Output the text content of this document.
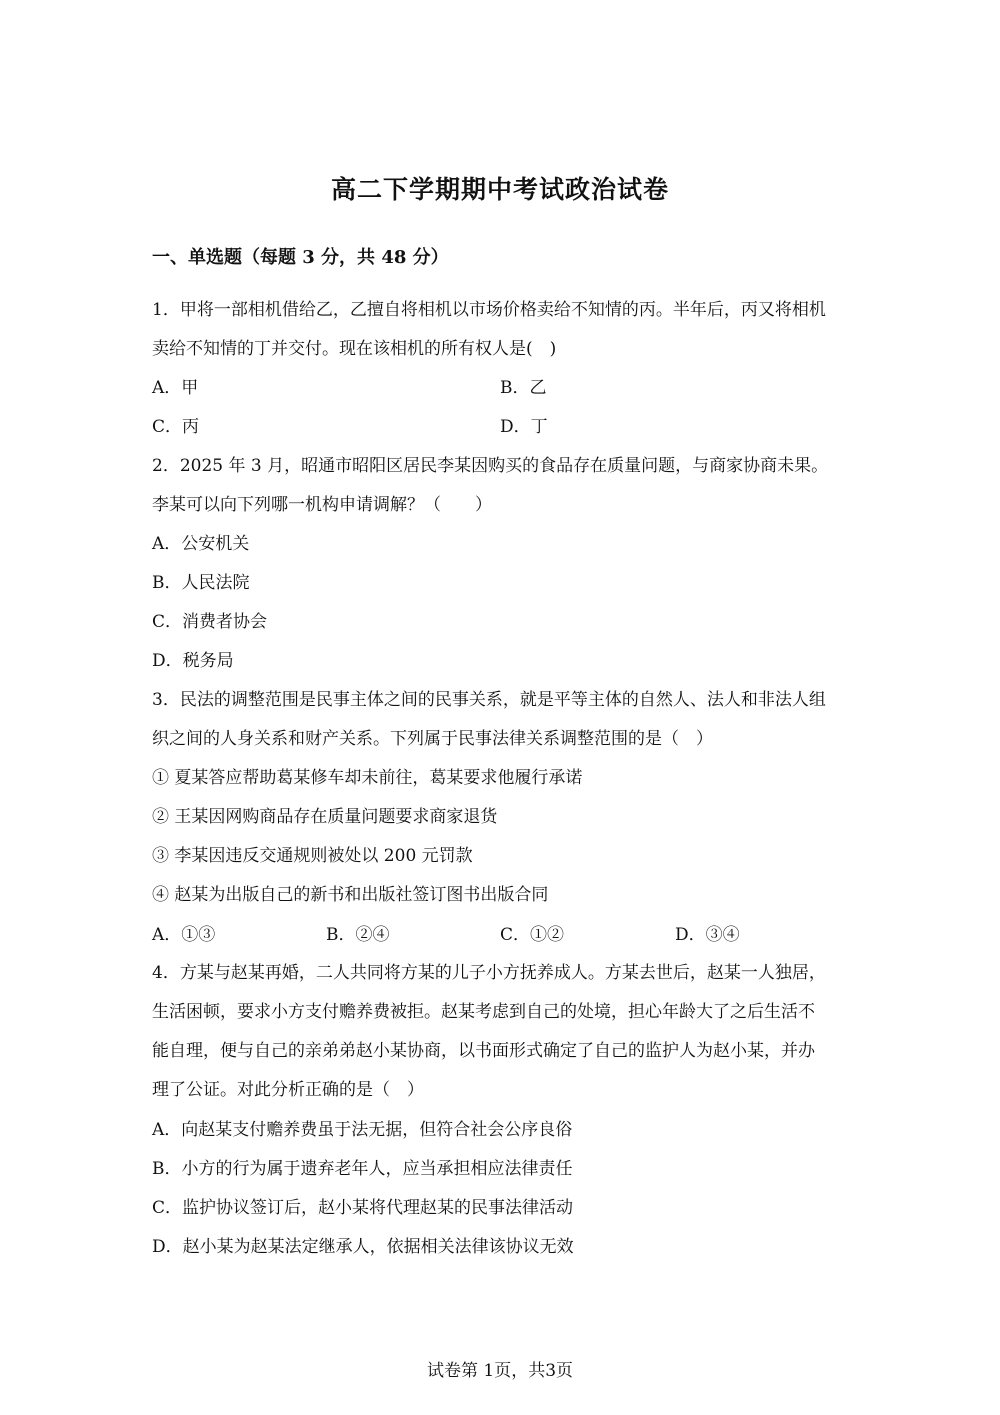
高二下学期期中考试政治试卷
一、单选题（每题 3 分，共 48 分）
1．甲将一部相机借给乙，乙擅自将相机以市场价格卖给不知情的丙。半年后，丙又将相机
卖给不知情的丁并交付。现在该相机的所有权人是(　)
A．甲	B．乙
C．丙	D．丁
2．2025 年 3 月，昭通市昭阳区居民李某因购买的食品存在质量问题，与商家协商未果。
李某可以向下列哪一机构申请调解？（　　）
A．公安机关
B．人民法院
C．消费者协会
D．税务局
3．民法的调整范围是民事主体之间的民事关系，就是平等主体的自然人、法人和非法人组
织之间的人身关系和财产关系。下列属于民事法律关系调整范围的是（　）
① 夏某答应帮助葛某修车却未前往，葛某要求他履行承诺
② 王某因网购商品存在质量问题要求商家退货
③ 李某因违反交通规则被处以 200 元罚款
④ 赵某为出版自己的新书和出版社签订图书出版合同
A．①③	B．②④	C．①②	D．③④
4．方某与赵某再婚，二人共同将方某的儿子小方抚养成人。方某去世后，赵某一人独居，
生活困顿，要求小方支付赡养费被拒。赵某考虑到自己的处境，担心年龄大了之后生活不
能自理，便与自己的亲弟弟赵小某协商，以书面形式确定了自己的监护人为赵小某，并办
理了公证。对此分析正确的是（　）
A．向赵某支付赡养费虽于法无据，但符合社会公序良俗
B．小方的行为属于遗弃老年人，应当承担相应法律责任
C．监护协议签订后，赵小某将代理赵某的民事法律活动
D．赵小某为赵某法定继承人，依据相关法律该协议无效
试卷第 1页，共3页
